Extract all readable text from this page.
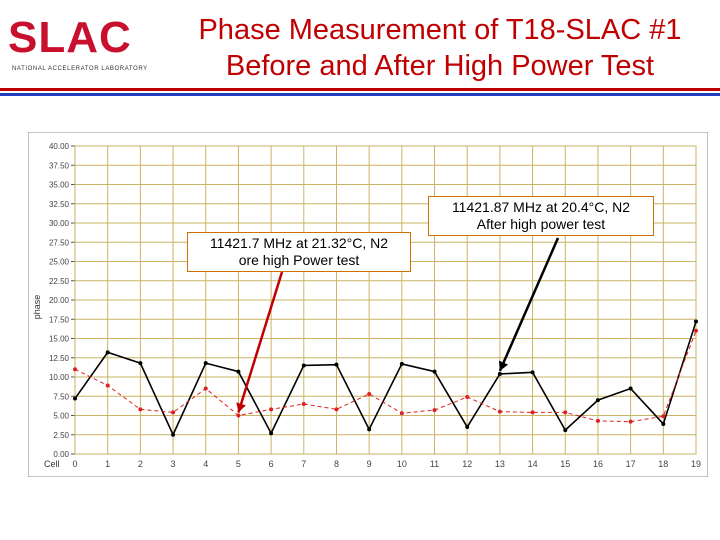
SLAC
NATIONAL ACCELERATOR LABORATORY
Phase Measurement of T18-SLAC #1
Before and After High Power Test
0.00
2.50
5.00
7.50
10.00
12.50
15.00
17.50
20.00
22.50
25.00
27.50
30.00
32.50
35.00
37.50
40.00
0	1	2	3	4	5	6	7	8	9	10	11	12	13	14	15	16	17	18	19
phase
Cell
11421.7 MHz at 21.32°C, N2
ore high Power test
11421.87 MHz at 20.4°C, N2
After high power test
